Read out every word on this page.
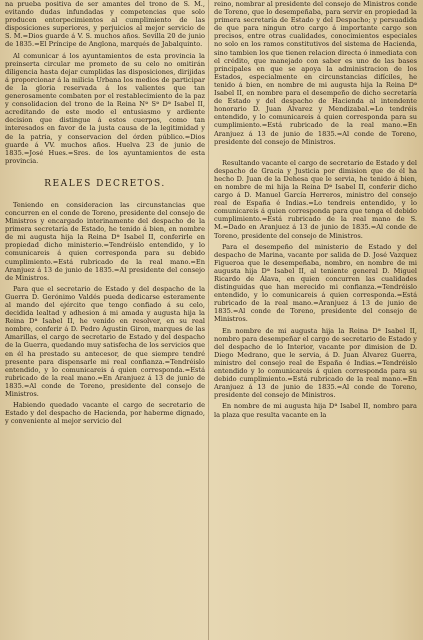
na prueba positiva de ser amantes del trono de S. M., evitando dudas infundadas y competencias que solo producen entorpecimientos al cumplimiento de las disposiciones superiores, y perjuicios al mejor servicio de S. M.=Dios guarde á V. S. muchos años. Sevilla 20 de junio de 1835.=El Príncipe de Anglona, marqués de Jabalquinto.

Al comunicar á los ayuntamientos de esta provincia la preinserta circular me prometo de su celo no omitirán diligencia hasta dejar cumplidas las disposiciones, dirijidas á proporcionar á la milicia Urbana los medios de participar de la gloria reservada á los valientes que tan generosamente combaten por el restablecimiento de la paz y consolidacion del trono de la Reina Nª Sª Dª Isabel II, acreditando de este modo el entusiasmo y ardiente decision que distingue á estos cuerpos, como tan interesados en favor de la justa causa de la legitimidad y de la patria, y conservacion del órden público.=Dios guarde á VV. muchos años. Huelva 23 de junio de 1835.=José Hues.=Sres. de los ayuntamientos de esta provincia.

REALES DECRETOS.

Teniendo en consideracion las circunstancias que concurren en el conde de Toreno, presidente del consejo de Ministros y encargado interinamente del despacho de la primera secretaría de Estado, he tenido á bien, en nombre de mi augusta hija la Reina Dª Isabel II, conferirle en propiedad dicho ministerio.=Tendréislo entendido, y lo comunicareis á quien corresponda para su debido cumplimiento.=Está rubricado de la real mano.=En Aranjuez á 13 de junio de 1835.=Al presidente del consejo de Ministros.

Para que el secretario de Estado y del despacho de la Guerra D. Gerónimo Valdés pueda dedicarse esteramente al mando del ejército que tengo confiado á su celo, decidida lealtad y adhesion á mi amada y augusta hija la Reina Dª Isabel II, he venido en resolver, en su real nombre, conferir á D. Pedro Agustin Giron, marques de las Amarillas, el cargo de secretario de Estado y del despacho de la Guerra, quedando muy satisfecha de los servicios que en él ha prestado su antecesor, de que siempre tendré presente para dispensarle mi real confianza.=Tendréislo entendido, y lo comunicareis á quien corresponda.=Está rubricado de la real mano.=En Aranjuez á 13 de junio de 1835.=Al conde de Toreno, presidente del consejo de Ministros.

Habiendo quedado vacante el cargo de secretario de Estado y del despacho de Hacienda, por haberme dignado, y conveniente al mejor servicio del

reino, nombrar al presidente del consejo de Ministros conde de Toreno, que lo desempeñaba, para servir en propiedad la primera secretaría de Estado y del Despacho; y persuadida de que para ningun otro cargo á importante cargo son precisos, entre otras cualidades, conocimientos especiales no solo en los ramos constitutivos del sistema de Hacienda, sino tambien los que tienen relacion directa ó inmediata con el crédito, que manejado con saber es uno de las bases principales en que se apoya la administracion de los Estados, especialmente en circunstancias difíciles, he tenido á bien, en nombre de mi augusta hija la Reina Dª Isabel II, en nombre para el desempeño de dicho secretaría de Estado y del despacho de Hacienda al intendente honorario D. Juan Álvarez y Mendizabal.=Lo tendréis entendido, y lo comunicareis á quien corresponda para su cumplimiento.=Está rubricado de la real mano.=En Aranjuez á 13 de junio de 1835.=Al conde de Toreno, presidente del consejo de Ministros.

Resultando vacante el cargo de secretario de Estado y del despacho de Gracia y Justicia por dimision que de él ha hecho D. Juan de la Dehesa que le servia, he tenido á bien, en nombre de mi hija la Reina Dª Isabel II, conferir dicho cargo á D. Manuel García Herreros, ministro del consejo real de España é Indias.=Lo tendreis entendido, y lo comunicareis á quien corresponda para que tenga el debido cumplimiento.=Está rubricado de la real mano de S. M.=Dado en Aranjuez á 13 de junio de 1835.=Al conde de Toreno, presidente del consejo de Ministros.

Para el desempeño del ministerio de Estado y del despacho de Marina, vacante por salida de D. José Vazquez Figueroa que le desempeñaba, nombro, en nombre de mi augusta hija Dª Isabel II, al teniente general D. Miguel Ricardo de Álava, en quien concurren las cualidades distinguidas que han merecido mi confianza.=Tendréislo entendido, y lo comunicareis á quien corresponda.=Está rubricado de la real mano.=Aranjuez á 13 de junio de 1835.=Al conde de Toreno, presidente del consejo de Ministros.

En nombre de mi augusta hija la Reina Dª Isabel II, nombro para desempeñar el cargo de secretario de Estado y del despacho de lo Interior, vacante por dimision de D. Diego Medrano, que le servia, á D. Juan Álvarez Guerra, ministro del consejo real de España é Indias.=Tendréislo entendido y lo comunicareis á quien corresponda para su debido cumplimiento.=Está rubricado de la real mano.=En Aranjuez á 13 de junio de 1835.=Al conde de Toreno, presidente del consejo de Ministros.

En nombre de mi augusta hija Dª Isabel II, nombro para la plaza que resulta vacante en la
